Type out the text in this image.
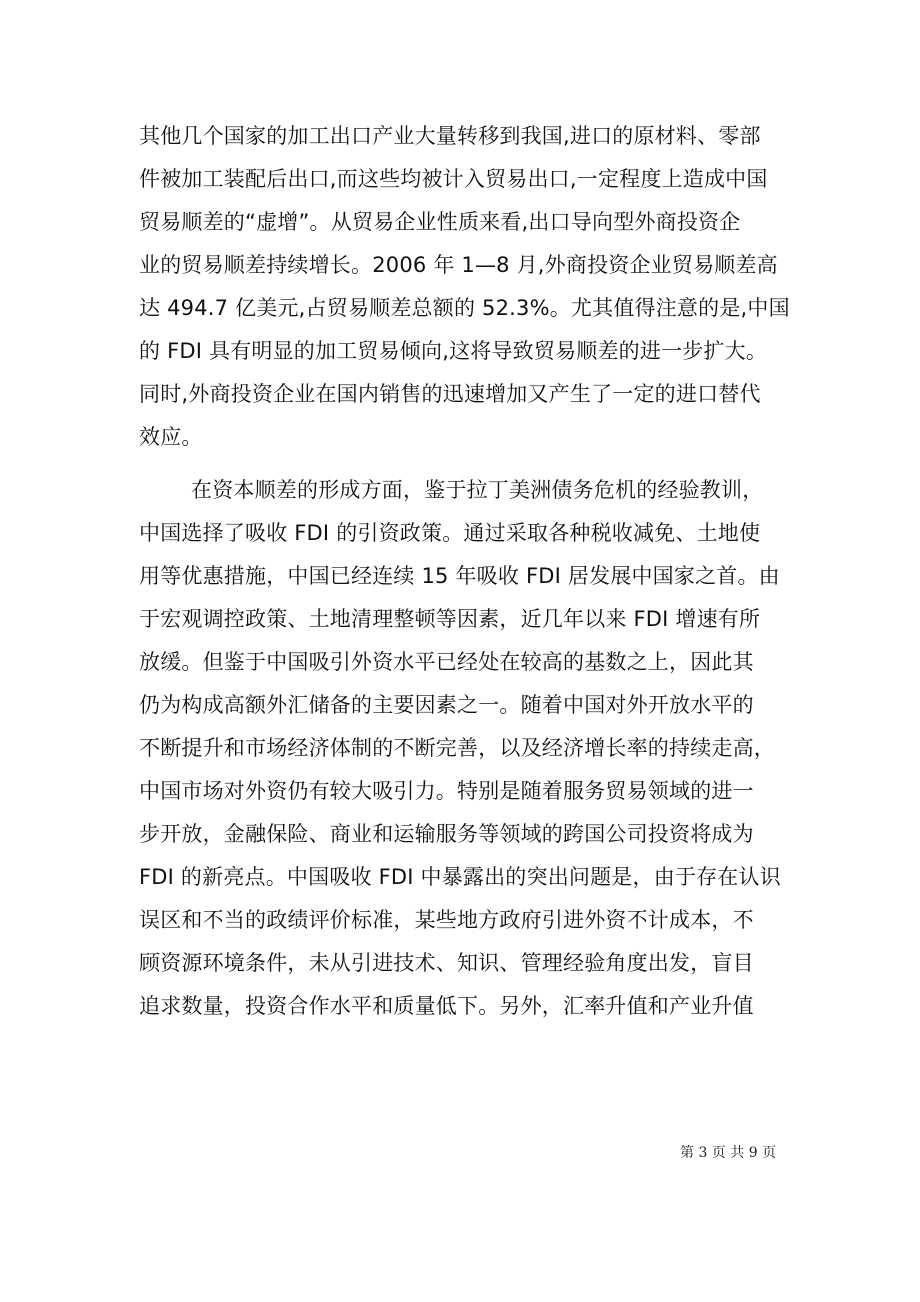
其他几个国家的加工出口产业大量转移到我国,进口的原材料、零部
件被加工装配后出口,而这些均被计入贸易出口,一定程度上造成中国
贸易顺差的“虚增”。从贸易企业性质来看,出口导向型外商投资企
业的贸易顺差持续增长。2006 年 1—8 月,外商投资企业贸易顺差高
达 494.7 亿美元,占贸易顺差总额的 52.3%。尤其值得注意的是,中国
的 FDI 具有明显的加工贸易倾向,这将导致贸易顺差的进一步扩大。
同时,外商投资企业在国内销售的迅速增加又产生了一定的进口替代
效应。
在资本顺差的形成方面，鉴于拉丁美洲债务危机的经验教训，
中国选择了吸收 FDI 的引资政策。通过采取各种税收减免、土地使
用等优惠措施，中国已经连续 15 年吸收 FDI 居发展中国家之首。由
于宏观调控政策、土地清理整顿等因素，近几年以来 FDI 增速有所
放缓。但鉴于中国吸引外资水平已经处在较高的基数之上，因此其
仍为构成高额外汇储备的主要因素之一。随着中国对外开放水平的
不断提升和市场经济体制的不断完善，以及经济增长率的持续走高，
中国市场对外资仍有较大吸引力。特别是随着服务贸易领域的进一
步开放，金融保险、商业和运输服务等领域的跨国公司投资将成为
FDI 的新亮点。中国吸收 FDI 中暴露出的突出问题是，由于存在认识
误区和不当的政绩评价标准，某些地方政府引进外资不计成本，不
顾资源环境条件，未从引进技术、知识、管理经验角度出发，盲目
追求数量，投资合作水平和质量低下。另外，汇率升值和产业升值
第 3 页 共 9 页
